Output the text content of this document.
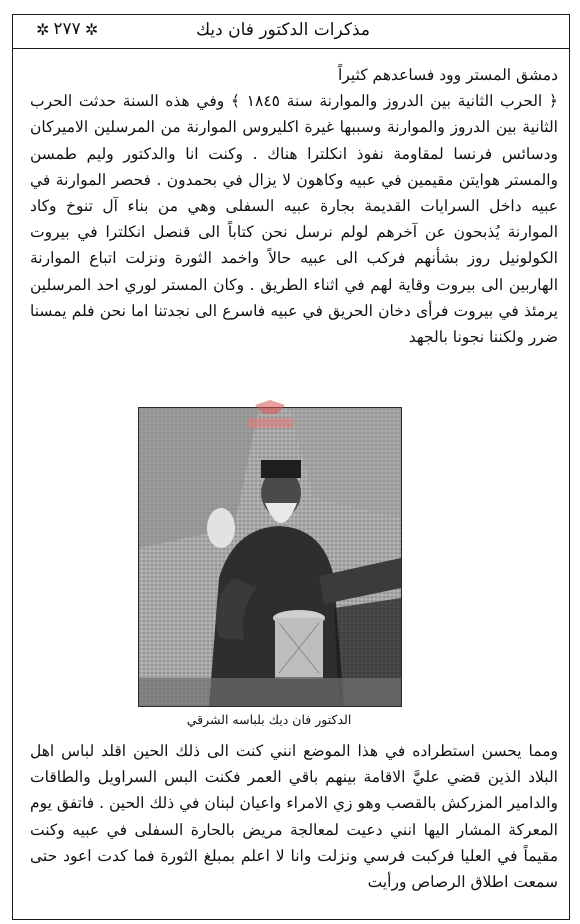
مذكرات الدكتور فان ديك
✲ ٢٧٧ ✲

دمشق المستر وود فساعدهم كثيراً

﴿ الحرب الثانية بين الدروز والموارنة سنة ١٨٤٥ ﴾ وفي هذه السنة حدثت الحرب الثانية بين الدروز والموارنة وسببها غيرة اكليروس الموارنة من المرسلين الاميركان ودسائس فرنسا لمقاومة نفوذ انكلترا هناك . وكنت انا والدكتور وليم طمسن والمستر هوايتن مقيمين في عبيه وكاهون لا يزال في بحمدون . فحصر الموارنة في عبيه داخل السرايات القديمة بجارة عبيه السفلى وهي من بناء آل تنوخ وكاد الموارنة يُذبحون عن آخرهم لولم نرسل نحن كتاباً الى قنصل انكلترا في بيروت الكولونيل روز بشأنهم فركب الى عبيه حالاً واخمد الثورة ونزلت اتباع الموارنة الهاربين الى بيروت وقاية لهم في اثناء الطريق . وكان المستر لوري احد المرسلين يرمئذ في بيروت فرأى دخان الحريق في عبيه فاسرع الى نجدتنا اما نحن فلم يمسنا ضرر ولكننا نجونا بالجهد

الدكتور فان ديك بلباسه الشرقي

ومما يحسن استطراده في هذا الموضع انني كنت الى ذلك الحين اقلد لباس اهل البلاد الذين قضي عليَّ الاقامة بينهم باقي العمر فكنت البس السراويل والطاقات والدامير المزركش بالقصب وهو زي الامراء واعيان لبنان في ذلك الحين . فاتفق يوم المعركة المشار اليها انني دعيت لمعالجة مريض بالحارة السفلى في عبيه وكنت مقيماً في العليا فركبت فرسي ونزلت وانا لا اعلم بمبلغ الثورة فما كدت اعود حتى سمعت اطلاق الرصاص ورأيت
